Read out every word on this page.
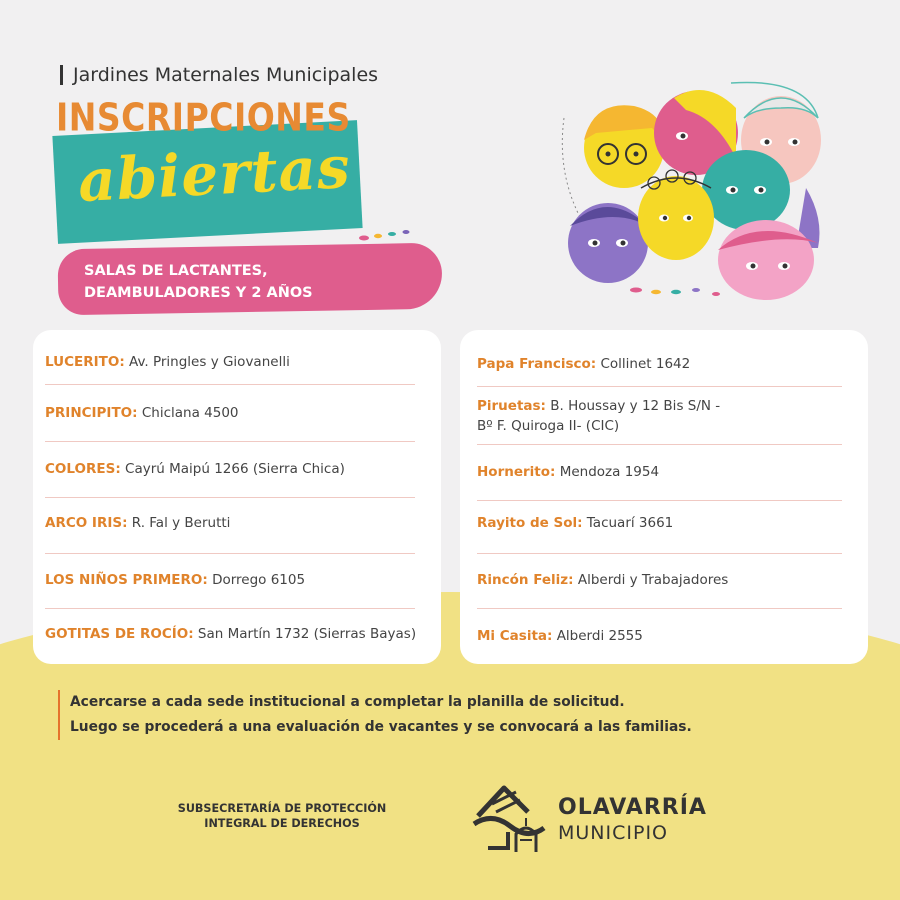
Jardines Maternales Municipales
INSCRIPCIONES
abiertas
SALAS DE LACTANTES,
DEAMBULADORES Y 2 AÑOS
LUCERITO: Av. Pringles y Giovanelli
PRINCIPITO: Chiclana 4500
COLORES: Cayrú Maipú 1266 (Sierra Chica)
ARCO IRIS: R. Fal y Berutti
LOS NIÑOS PRIMERO: Dorrego 6105
GOTITAS DE ROCÍO: San Martín 1732 (Sierras Bayas)
Papa Francisco: Collinet 1642
Piruetas: B. Houssay y 12 Bis S/N -
Bº F. Quiroga II- (CIC)
Hornerito: Mendoza 1954
Rayito de Sol: Tacuarí 3661
Rincón Feliz: Alberdi y Trabajadores
Mi Casita: Alberdi 2555
Acercarse a cada sede institucional a completar la planilla de solicitud.
Luego se procederá a una evaluación de vacantes y se convocará a las familias.
SUBSECRETARÍA DE PROTECCIÓN
INTEGRAL DE DERECHOS
OLAVARRÍA
MUNICIPIO
